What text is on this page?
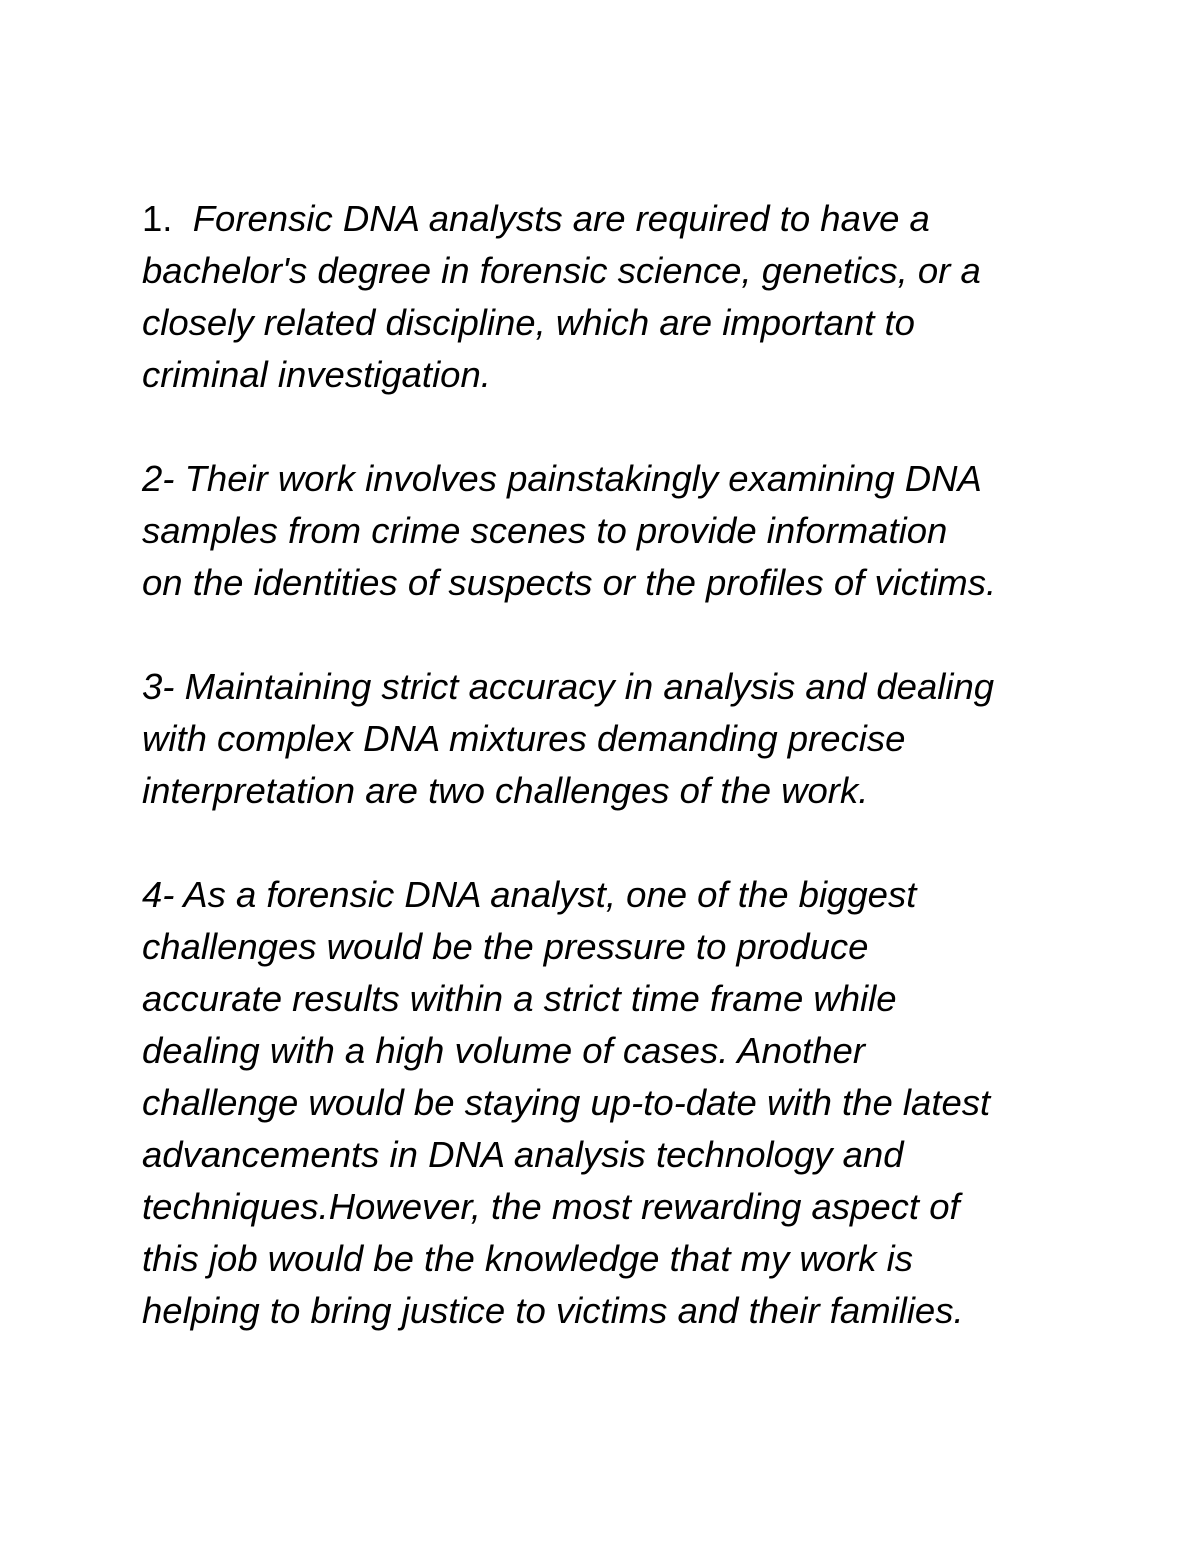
1. Forensic DNA analysts are required to have a
bachelor's degree in forensic science, genetics, or a
closely related discipline, which are important to
criminal investigation.

2- Their work involves painstakingly examining DNA
samples from crime scenes to provide information
on the identities of suspects or the profiles of victims.

3- Maintaining strict accuracy in analysis and dealing
with complex DNA mixtures demanding precise
interpretation are two challenges of the work.

4- As a forensic DNA analyst, one of the biggest
challenges would be the pressure to produce
accurate results within a strict time frame while
dealing with a high volume of cases. Another
challenge would be staying up-to-date with the latest
advancements in DNA analysis technology and
techniques.However, the most rewarding aspect of
this job would be the knowledge that my work is
helping to bring justice to victims and their families.
